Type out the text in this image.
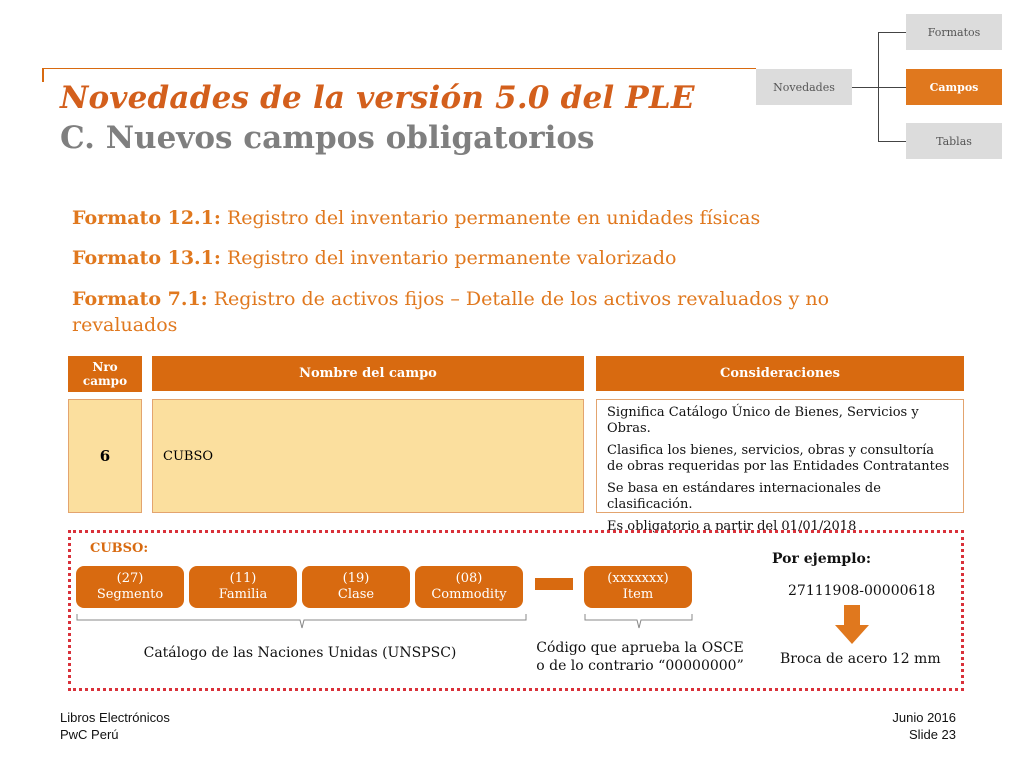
Formatos
Novedades	Campos
Tablas
Novedades de la versión 5.0 del PLE
C. Nuevos campos obligatorios
Formato 12.1: Registro del inventario permanente en unidades físicas
Formato 13.1: Registro del inventario permanente valorizado
Formato 7.1: Registro de activos fijos – Detalle de los activos revaluados y no revaluados
Nro campo	Nombre del campo	Consideraciones
6	CUBSO

Significa Catálogo Único de Bienes, Servicios y Obras.

Clasifica los bienes, servicios, obras y consultoría de obras requeridas por las Entidades Contratantes

Se basa en estándares internacionales de clasificación.

Es obligatorio a partir del 01/01/2018

CUBSO:
(27)
Segmento
(11)
Familia
(19)
Clase
(08)
Commodity
(xxxxxxx)
Item
Catálogo de las Naciones Unidas (UNSPSC)	Código que aprueba la OSCE
o de lo contrario “00000000”
Por ejemplo:
27111908-00000618
Broca de acero 12 mm
Libros Electrónicos
PwC Perú
Junio 2016
Slide 23
